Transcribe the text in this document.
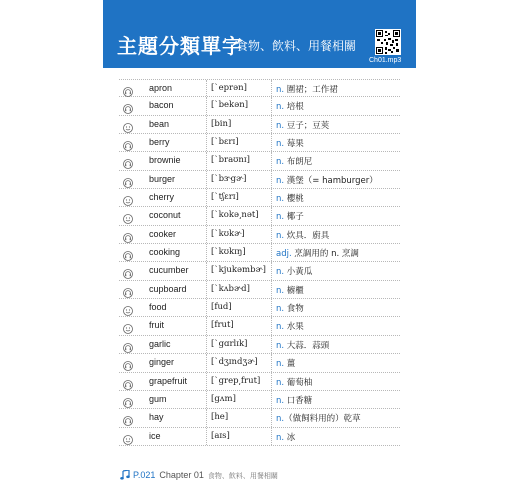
主題分類單字
食物、飲料、用餐相關
Ch01.mp3
apron	[ˋeprən]	n. 圍裙；工作裙
bacon	[ˋbekən]	n. 培根
bean	[bin]	n. 豆子；豆莢
berry	[ˋbɛrɪ]	n. 莓果
brownie	[ˋbraʊnɪ]	n. 布朗尼
burger	[ˋbɝgɚ]	n. 漢堡（= hamburger）
cherry	[ˋtʃɛrɪ]	n. 櫻桃
coconut	[ˋkokə͵nət] n. 椰子
cooker	[ˋkʊkɚ]	n. 炊具．廚具
cooking	[ˋkʊkɪŋ]	adj. 烹調用的 n. 烹調
cucumber	[ˋkjukəmbɚ] n. 小黃瓜
cupboard	[ˋkʌbɚd]	n. 櫥櫃
food	[fud]	n. 食物
fruit	[frut]	n. 水果
garlic	[ˋgɑrlɪk]	n. 大蒜．蒜頭
ginger	[ˋdʒɪndʒɚ] n. 薑
grapefruit	[ˋgrep͵frut] n. 葡萄柚
gum	[gʌm]	n. 口香糖
hay	[he]	n.（做飼料用的）乾草
ice	[aɪs]	n. 冰
P.021 Chapter 01 食物、飲料、用餐相關
